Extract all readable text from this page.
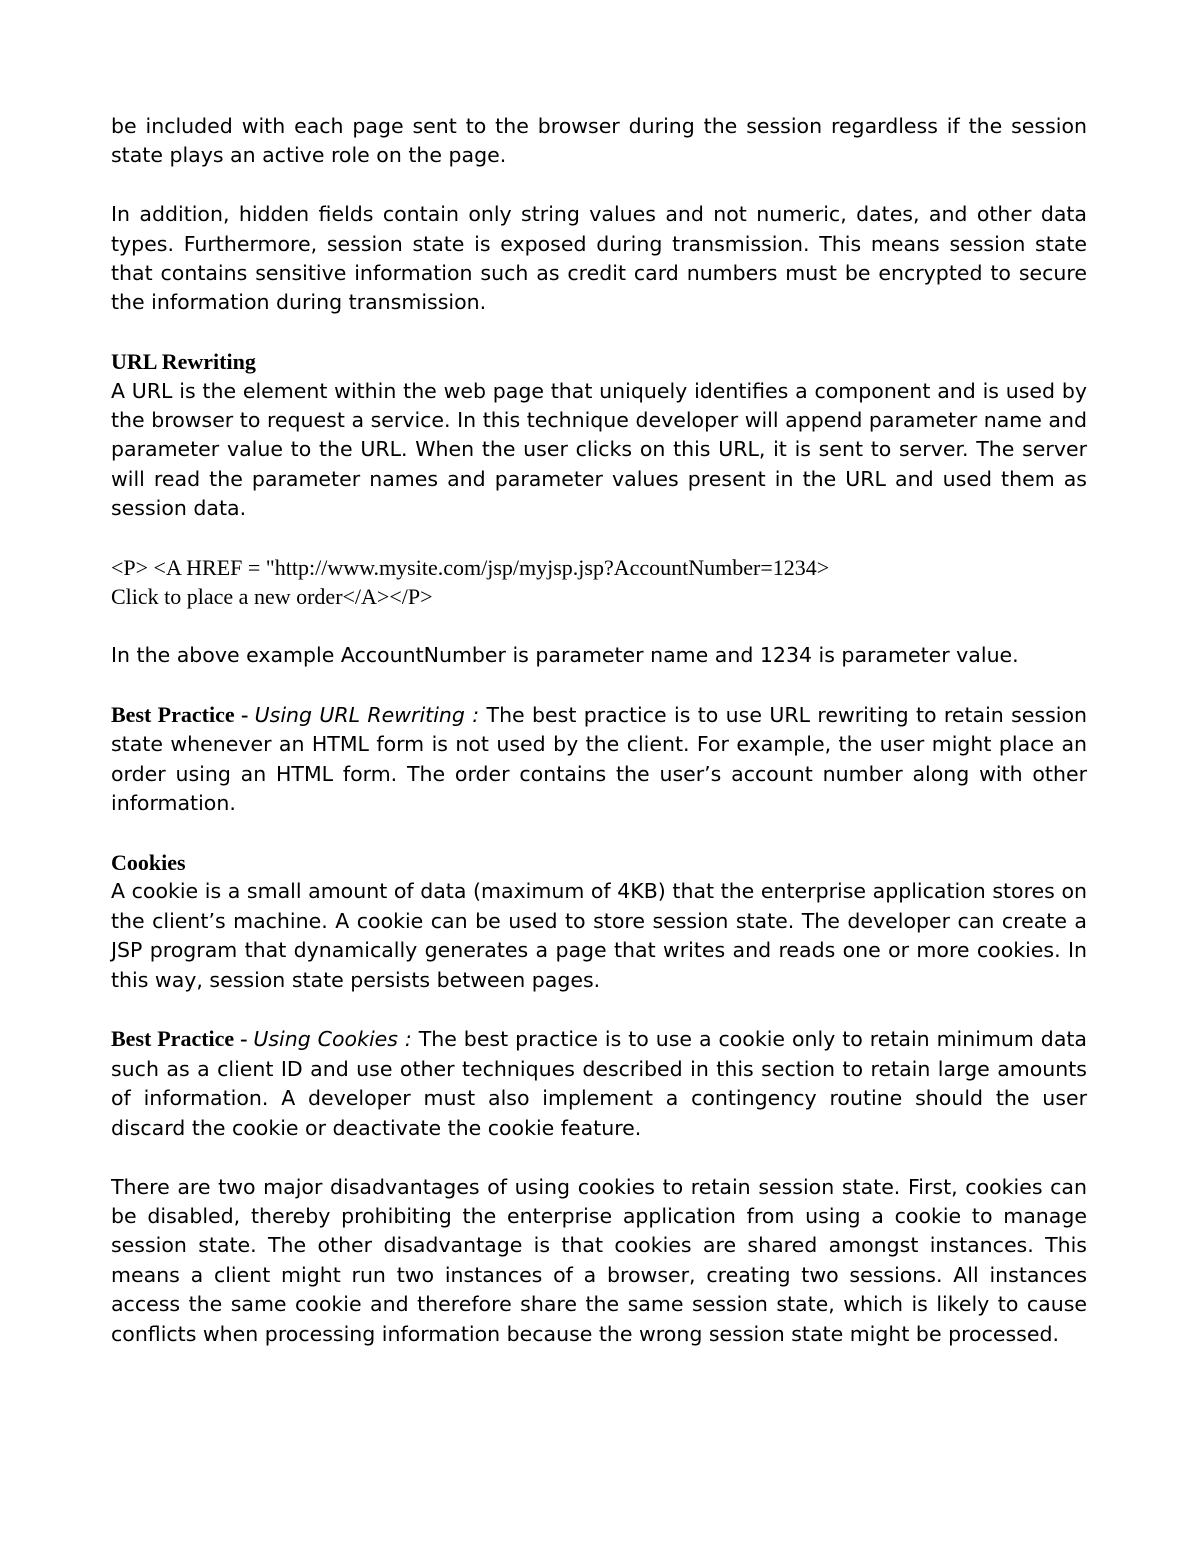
be included with each page sent to the browser during the session regardless if the session state plays an active role on the page.

In addition, hidden fields contain only string values and not numeric, dates, and other data types. Furthermore, session state is exposed during transmission. This means session state that contains sensitive information such as credit card numbers must be encrypted to secure the information during transmission.

URL Rewriting
A URL is the element within the web page that uniquely identifies a component and is used by the browser to request a service. In this technique developer will append parameter name and parameter value to the URL. When the user clicks on this URL, it is sent to server. The server will read the parameter names and parameter values present in the URL and used them as session data.
<P> <A HREF = "http://www.mysite.com/jsp/myjsp.jsp?AccountNumber=1234>
Click to place a new order</A></P>

In the above example AccountNumber is parameter name and 1234 is parameter value.

Best Practice - Using URL Rewriting : The best practice is to use URL rewriting to retain session state whenever an HTML form is not used by the client. For example, the user might place an order using an HTML form. The order contains the user’s account number along with other information.

Cookies
A cookie is a small amount of data (maximum of 4KB) that the enterprise application stores on the client’s machine. A cookie can be used to store session state. The developer can create a JSP program that dynamically generates a page that writes and reads one or more cookies. In this way, session state persists between pages.

Best Practice - Using Cookies : The best practice is to use a cookie only to retain minimum data such as a client ID and use other techniques described in this section to retain large amounts of information. A developer must also implement a contingency routine should the user discard the cookie or deactivate the cookie feature.

There are two major disadvantages of using cookies to retain session state. First, cookies can be disabled, thereby prohibiting the enterprise application from using a cookie to manage session state. The other disadvantage is that cookies are shared amongst instances. This means a client might run two instances of a browser, creating two sessions. All instances access the same cookie and therefore share the same session state, which is likely to cause conflicts when processing information because the wrong session state might be processed.
